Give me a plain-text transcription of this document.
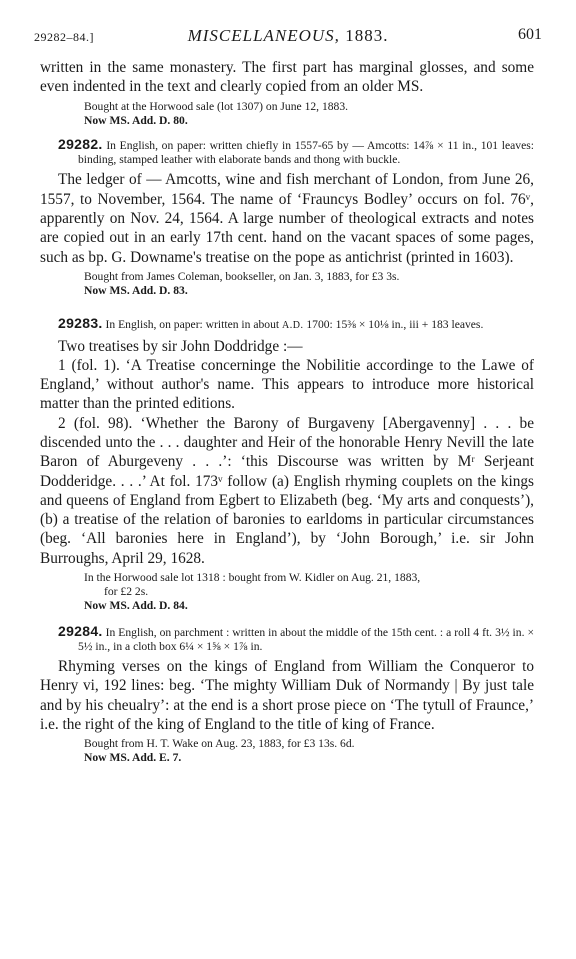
29282–84.]	MISCELLANEOUS, 1883.	601

written in the same monastery. The first part has marginal glosses, and some even indented in the text and clearly copied from an older MS.

Bought at the Horwood sale (lot 1307) on June 12, 1883.

Now MS. Add. D. 80.

29282. In English, on paper: written chiefly in 1557-65 by — Amcotts: 14⅞ × 11 in., 101 leaves: binding, stamped leather with elaborate bands and thong with buckle.

The ledger of — Amcotts, wine and fish merchant of London, from June 26, 1557, to November, 1564. The name of ‘Frauncys Bodley’ occurs on fol. 76ᵛ, apparently on Nov. 24, 1564. A large number of theological extracts and notes are copied out in an early 17th cent. hand on the vacant spaces of some pages, such as bp. G. Downame's treatise on the pope as antichrist (printed in 1603).

Bought from James Coleman, bookseller, on Jan. 3, 1883, for £3 3s.

Now MS. Add. D. 83.

29283. In English, on paper: written in about A.D. 1700: 15⅜ × 10⅛ in., iii + 183 leaves.

Two treatises by sir John Doddridge :—

1 (fol. 1). ‘A Treatise concerninge the Nobilitie accordinge to the Lawe of England,’ without author's name. This appears to introduce more historical matter than the printed editions.

2 (fol. 98). ‘Whether the Barony of Burgaveny [Abergavenny] . . . be discended unto the . . . daughter and Heir of the honorable Henry Nevill the late Baron of Aburgeveny . . .’: ‘this Discourse was written by Mʳ Serjeant Dodderidge. . . .’ At fol. 173ᵛ follow (a) English rhyming couplets on the kings and queens of England from Egbert to Elizabeth (beg. ‘My arts and conquests’), (b) a treatise of the relation of baronies to earldoms in particular circumstances (beg. ‘All baronies here in England’), by ‘John Borough,’ i.e. sir John Burroughs, April 29, 1628.

In the Horwood sale lot 1318 : bought from W. Kidler on Aug. 21, 1883,

for £2 2s.

Now MS. Add. D. 84.

29284. In English, on parchment : written in about the middle of the 15th cent. : a roll 4 ft. 3½ in. × 5½ in., in a cloth box 6¼ × 1⅝ × 1⅞ in.

Rhyming verses on the kings of England from William the Conqueror to Henry vi, 192 lines: beg. ‘The mighty William Duk of Normandy | By just tale and by his cheualry’: at the end is a short prose piece on ‘The tytull of Fraunce,’ i.e. the right of the king of England to the title of king of France.

Bought from H. T. Wake on Aug. 23, 1883, for £3 13s. 6d.

Now MS. Add. E. 7.
